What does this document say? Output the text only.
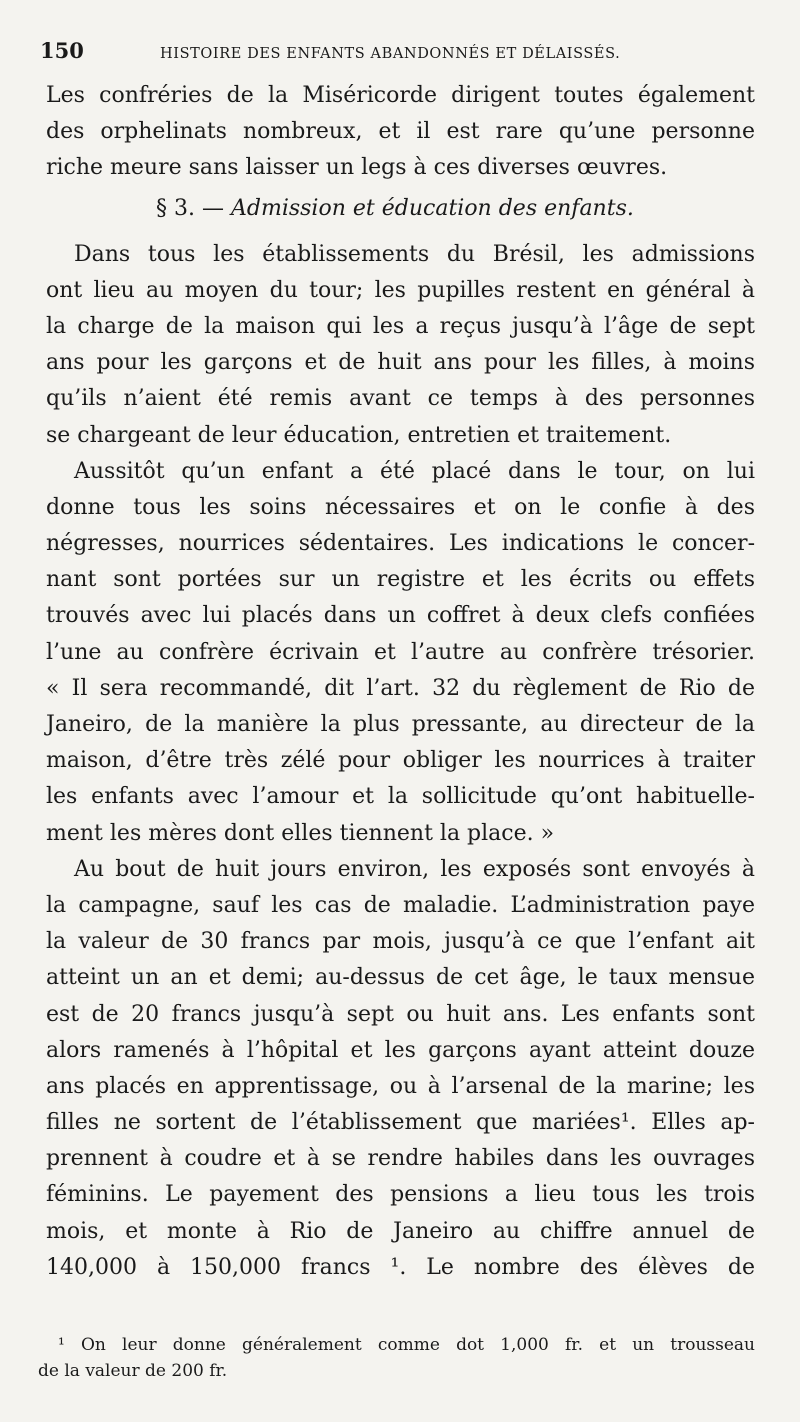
150	HISTOIRE DES ENFANTS ABANDONNÉS ET DÉLAISSÉS.
Les confréries de la Miséricorde dirigent toutes également
des orphelinats nombreux, et il est rare qu’une personne
riche meure sans laisser un legs à ces diverses œuvres.
§ 3. — Admission et éducation des enfants.
Dans tous les établissements du Brésil, les admissions
ont lieu au moyen du tour; les pupilles restent en général à
la charge de la maison qui les a reçus jusqu’à l’âge de sept
ans pour les garçons et de huit ans pour les filles, à moins
qu’ils n’aient été remis avant ce temps à des personnes
se chargeant de leur éducation, entretien et traitement.
Aussitôt qu’un enfant a été placé dans le tour, on lui
donne tous les soins nécessaires et on le confie à des
négresses, nourrices sédentaires. Les indications le concer-
nant sont portées sur un registre et les écrits ou effets
trouvés avec lui placés dans un coffret à deux clefs confiées
l’une au confrère écrivain et l’autre au confrère trésorier.
« Il sera recommandé, dit l’art. 32 du règlement de Rio de
Janeiro, de la manière la plus pressante, au directeur de la
maison, d’être très zélé pour obliger les nourrices à traiter
les enfants avec l’amour et la sollicitude qu’ont habituelle-
ment les mères dont elles tiennent la place. »
Au bout de huit jours environ, les exposés sont envoyés à
la campagne, sauf les cas de maladie. L’administration paye
la valeur de 30 francs par mois, jusqu’à ce que l’enfant ait
atteint un an et demi; au-dessus de cet âge, le taux mensue
est de 20 francs jusqu’à sept ou huit ans. Les enfants sont
alors ramenés à l’hôpital et les garçons ayant atteint douze
ans placés en apprentissage, ou à l’arsenal de la marine; les
filles ne sortent de l’établissement que mariées¹. Elles ap-
prennent à coudre et à se rendre habiles dans les ouvrages
féminins. Le payement des pensions a lieu tous les trois
mois, et monte à Rio de Janeiro au chiffre annuel de
140,000 à 150,000 francs ¹. Le nombre des élèves de
¹ On leur donne généralement comme dot 1,000 fr. et un trousseau
de la valeur de 200 fr.
